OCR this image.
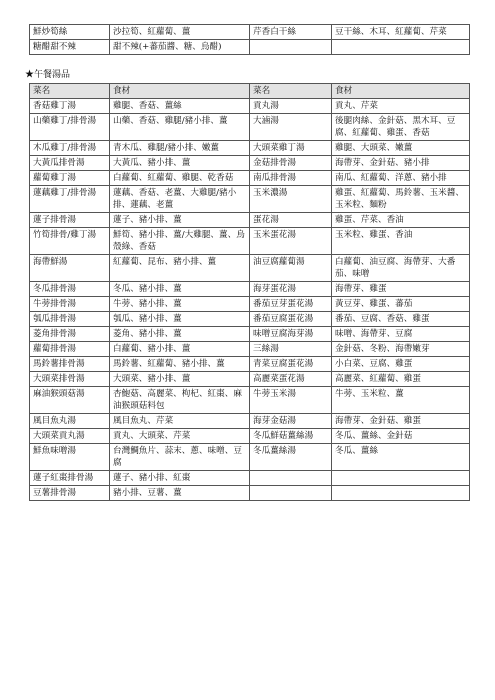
鮮炒筍絲	沙拉筍、紅蘿蔔、薑	芹香白干絲	豆干絲、木耳、紅蘿蔔、芹菜
糖醋甜不辣	甜不辣(+蕃茄醬、糖、烏醋)		
★午餐湯品
菜名	食材	菜名	食材
香菇雞丁湯	雞腿、香菇、薑絲	貢丸湯	貢丸、芹菜
山藥雞丁/排骨湯	山藥、香菇、雞腿/豬小排、薑	大滷湯	後腿肉絲、金針菇、黑木耳、豆腐、紅蘿蔔、雞蛋、香菇
木瓜雞丁/排骨湯	青木瓜、雞腿/豬小排、嫩薑	大頭菜雞丁湯	雞腿、大頭菜、嫩薑
大黃瓜排骨湯	大黃瓜、豬小排、薑	金菇排骨湯	海帶芽、金針菇、豬小排
蘿蔔雞丁湯	白蘿蔔、紅蘿蔔、雞腿、乾香菇	南瓜排骨湯	南瓜、紅蘿蔔、洋蔥、豬小排
蓮藕雞丁/排骨湯	蓮藕、香菇、老薑、大雞腿/豬小排、蓮藕、老薑	玉米濃湯	雞蛋、紅蘿蔔、馬鈴薯、玉米醬、玉米粒、麵粉
蓮子排骨湯	蓮子、豬小排、薑	蛋花湯	雞蛋、芹菜、香油
竹筍排骨/雞丁湯	鮮筍、豬小排、薑/大雞腿、薑、烏殼綠、香菇	玉米蛋花湯	玉米粒、雞蛋、香油
海帶鮮湯	紅蘿蔔、昆布、豬小排、薑	油豆腐蘿蔔湯	白蘿蔔、油豆腐、海帶芽、大番茄、味噌
冬瓜排骨湯	冬瓜、豬小排、薑	海芽蛋花湯	海帶芽、雞蛋
牛蒡排骨湯	牛蒡、豬小排、薑	番茄豆芽蛋花湯	黃豆芽、雞蛋、蕃茄
瓠瓜排骨湯	瓠瓜、豬小排、薑	番茄豆腐蛋花湯	番茄、豆腐、香菇、雞蛋
菱角排骨湯	菱角、豬小排、薑	味噌豆腐海芽湯	味噌、海帶芽、豆腐
蘿蔔排骨湯	白蘿蔔、豬小排、薑	三絲湯	金針菇、冬粉、海帶嫩芽
馬鈴薯排骨湯	馬鈴薯、紅蘿蔔、豬小排、薑	青菜豆腐蛋花湯	小白菜、豆腐、雞蛋
大頭菜排骨湯	大頭菜、豬小排、薑	高麗菜蛋花湯	高麗菜、紅蘿蔔、雞蛋
麻油猴頭菇湯	杏鮑菇、高麗菜、枸杞、紅棗、麻油猴頭菇料包	牛蒡玉米湯	牛蒡、玉米粒、薑
風目魚丸湯	風目魚丸、芹菜	海芽金菇湯	海帶芽、金針菇、雞蛋
大頭菜貢丸湯	貢丸、大頭菜、芹菜	冬瓜鮮菇薑絲湯	冬瓜、薑絲、金針菇
鮮魚味噌湯	台灣鯛魚片、蒜末、蔥、味噌、豆腐	冬瓜薑絲湯	冬瓜、薑絲
蓮子紅棗排骨湯	蓮子、豬小排、紅棗		
豆薯排骨湯	豬小排、豆薯、薑		
